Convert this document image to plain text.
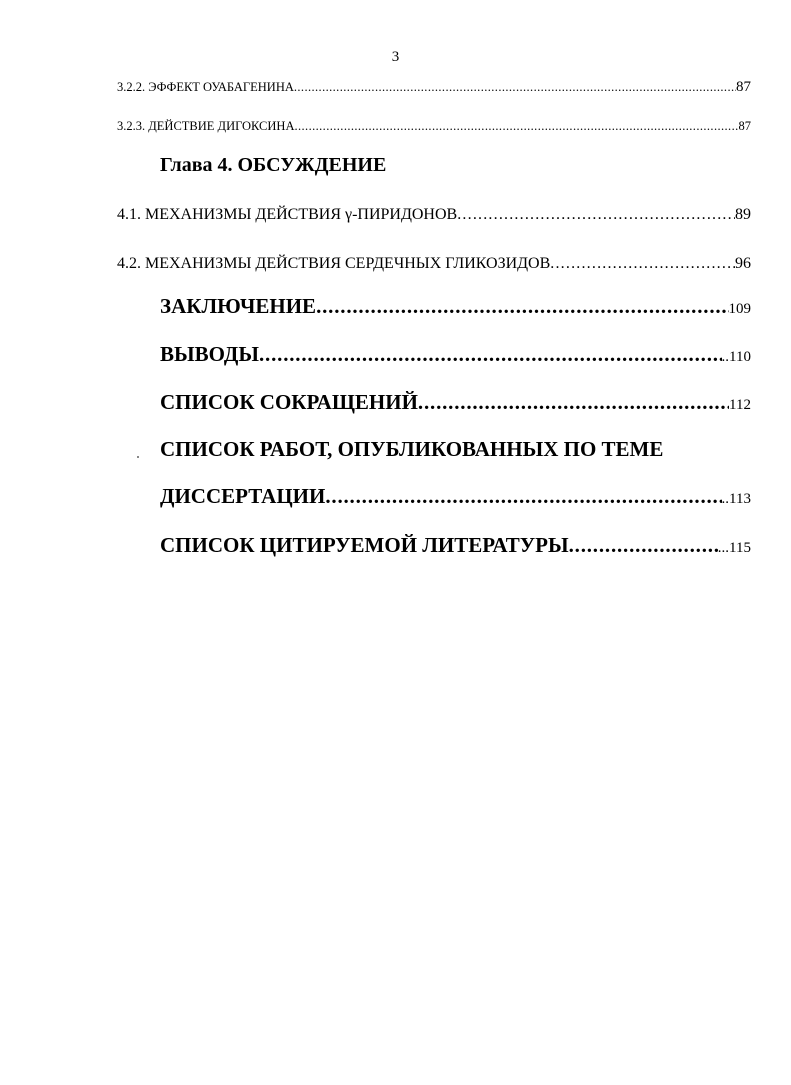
3
3.2.2. ЭФФЕКТ ОУАБАГЕНИНА .....	87
3.2.3. ДЕЙСТВИЕ ДИГОКСИНА .....	87
Глава 4. ОБСУЖДЕНИЕ
4.1. МЕХАНИЗМЫ ДЕЙСТВИЯ γ-ПИРИДОНОВ .....	89
4.2. МЕХАНИЗМЫ ДЕЙСТВИЯ СЕРДЕЧНЫХ ГЛИКОЗИДОВ .....	96
ЗАКЛЮЧЕНИЕ .....	109
ВЫВОДЫ .....	..110
СПИСОК СОКРАЩЕНИЙ .....	112
СПИСОК РАБОТ, ОПУБЛИКОВАННЫХ ПО ТЕМЕ
ДИССЕРТАЦИИ .....	..113
СПИСОК ЦИТИРУЕМОЙ ЛИТЕРАТУРЫ .....	...115
